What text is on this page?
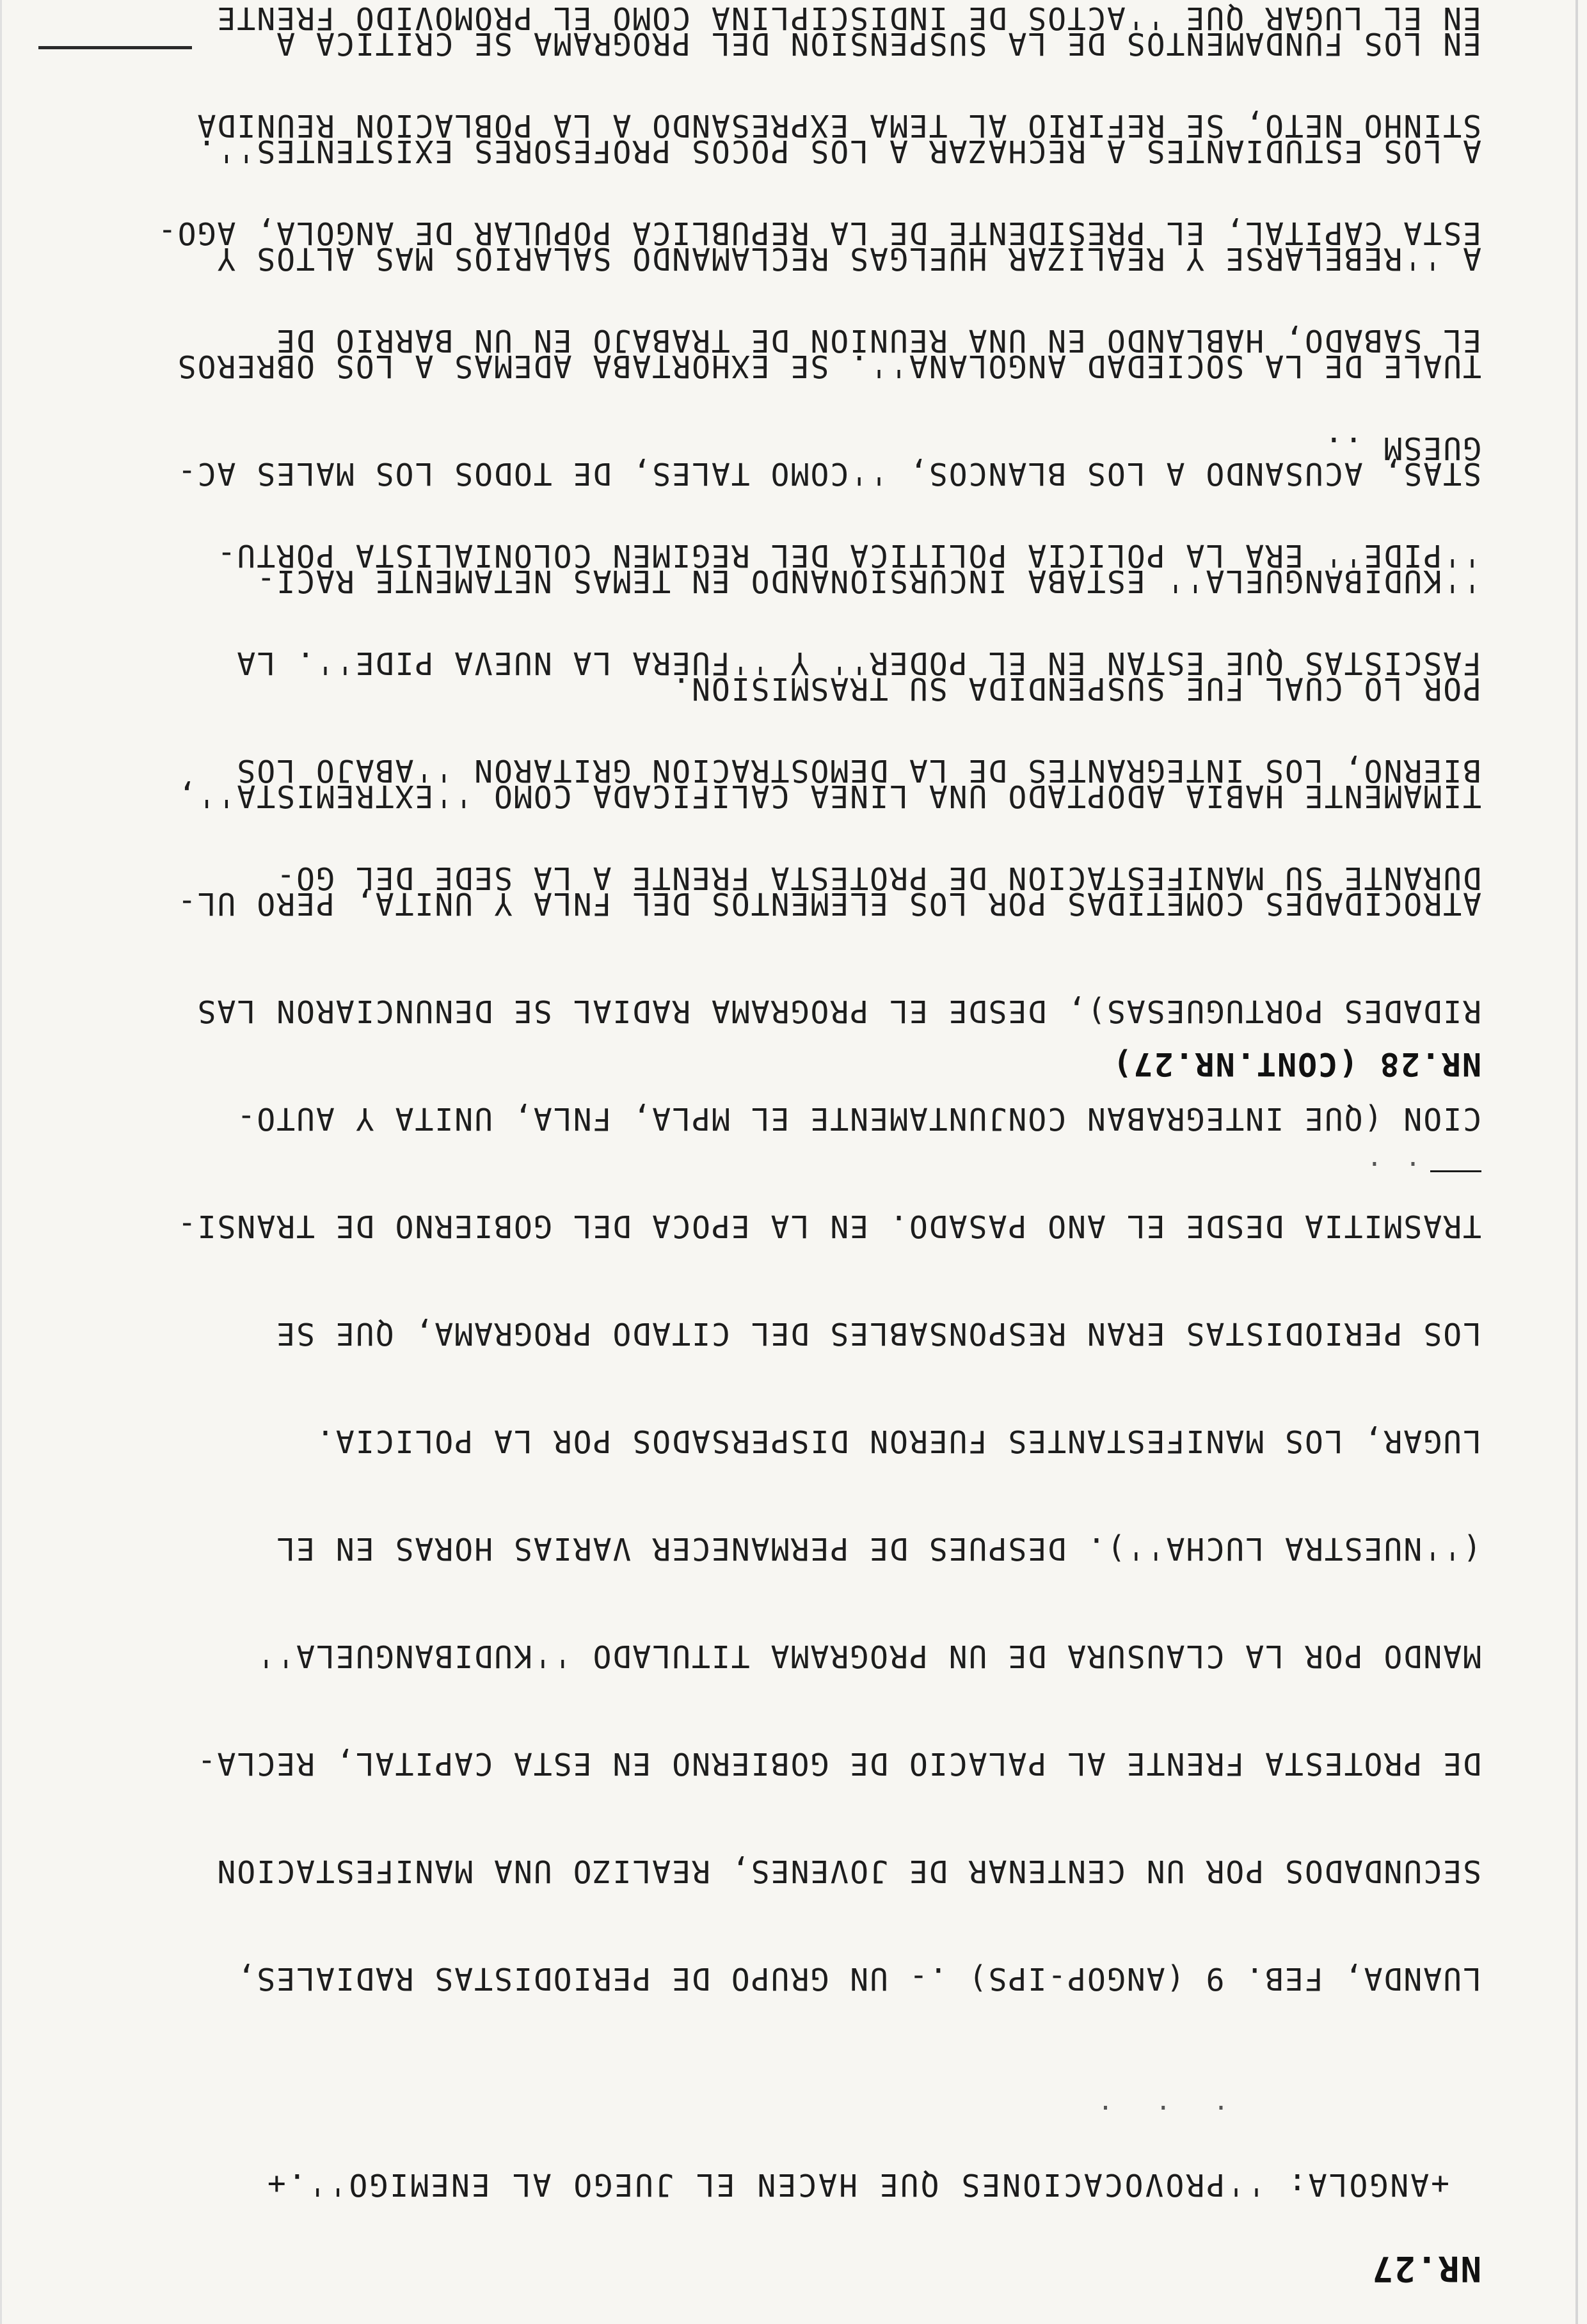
NR.27
+ANGOLA: ''PROVOCACIONES QUE HACEN EL JUEGO AL ENEMIGO''.+
.  .  .

LUANDA, FEB. 9 (ANGOP-IPS) .- UN GRUPO DE PERIODISTAS RADIALES,

SECUNDADOS POR UN CENTENAR DE JOVENES, REALIZO UNA MANIFESTACION

DE PROTESTA FRENTE AL PALACIO DE GOBIERNO EN ESTA CAPITAL, RECLA-

MANDO POR LA CLAUSURA DE UN PROGRAMA TITULADO ''KUDIBANGUELA''

(''NUESTRA LUCHA''). DESPUES DE PERMANECER VARIAS HORAS EN EL

LUGAR, LOS MANIFESTANTES FUERON DISPERSADOS POR LA POLICIA.

LOS PERIODISTAS ERAN RESPONSABLES DEL CITADO PROGRAMA, QUE SE

TRASMITIA DESDE EL ANO PASADO. EN LA EPOCA DEL GOBIERNO DE TRANSI-

CION (QUE INTEGRABAN CONJUNTAMENTE EL MPLA, FNLA, UNITA Y AUTO-

RIDADES PORTUGUESAS), DESDE EL PROGRAMA RADIAL SE DENUNCIARON LAS

ATROCIDADES COMETIDAS POR LOS ELEMENTOS DEL FNLA Y UNITA, PERO UL-

TIMAMENTE HABIA ADOPTADO UNA LINEA CALIFICADA COMO ''EXTREMISTA'',

POR LO CUAL FUE SUSPENDIDA SU TRASMISION.

''KUDIBANGUELA'' ESTABA INCURSIONANDO EN TEMAS NETAMENTE RACI-

STAS, ACUSANDO A LOS BLANCOS, ''COMO TALES, DE TODOS LOS MALES AC-

TUALE DE LA SOCIEDAD ANGOLANA''. SE EXHORTABA ADEMAS A LOS OBREROS

A ''REBELARSE Y REALIZAR HUELGAS RECLAMANDO SALARIOS MAS ALTOS Y

A LOS ESTUDIANTES A RECHAZAR A LOS POCOS PROFESORES EXISTENTES''.

EN LOS FUNDAMENTOS DE LA SUSPENSION DEL PROGRAMA SE CRITICA A

. .
NR.28 (CONT.NR.27)

DURANTE SU MANIFESTACION DE PROTESTA FRENTE A LA SEDE DEL GO-

BIERNO, LOS INTEGRANTES DE LA DEMOSTRACION GRITARON ''ABAJO LOS

FASCISTAS QUE ESTAN EN EL PODER'' Y ''FUERA LA NUEVA PIDE''. LA

''PIDE'' ERA LA POLICIA POLITICA DEL REGIMEN COLONIALISTA PORTU-

GUESM ..

EL SABADO, HABLANDO EN UNA REUNION DE TRABAJO EN UN BARRIO DE

ESTA CAPITAL, EL PRESIDENTE DE LA REPUBLICA POPULAR DE ANGOLA, AGO-

STINHO NETO, SE REFIRIO AL TEMA EXPRESANDO A LA POBLACION REUNIDA

EN EL LUGAR QUE ''ACTOS DE INDISCIPLINA COMO EL PROMOVIDO FRENTE
